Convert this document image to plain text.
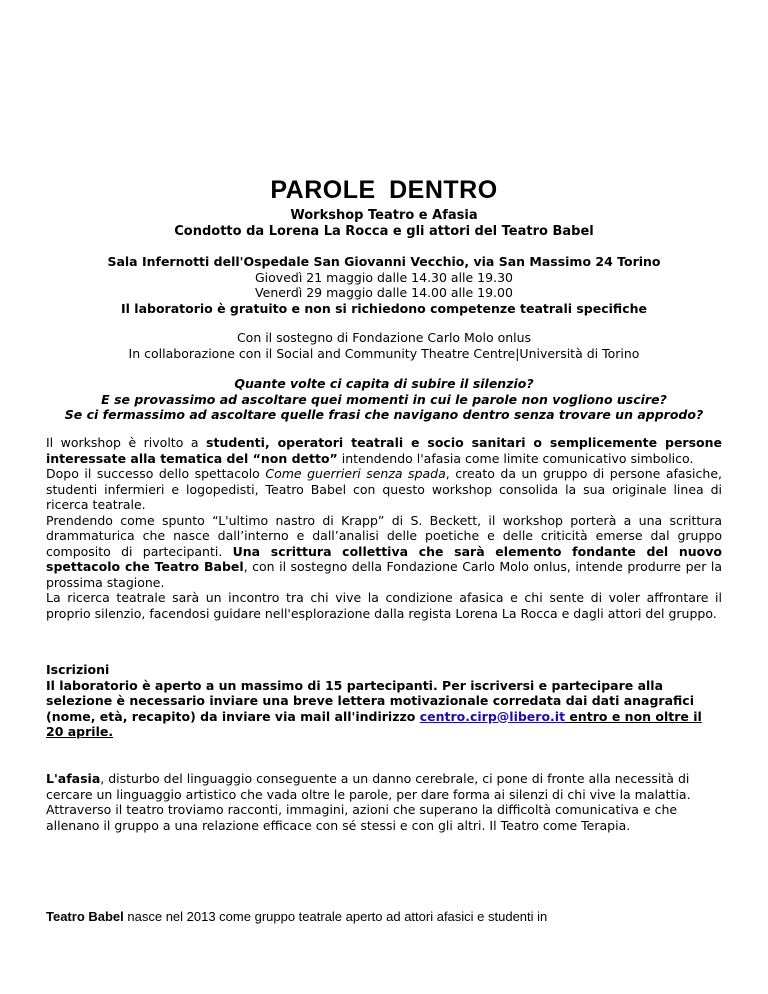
PAROLE DENTRO
Workshop Teatro e Afasia
Condotto da Lorena La Rocca e gli attori del Teatro Babel
Sala Infernotti dell'Ospedale San Giovanni Vecchio, via San Massimo 24 Torino
Giovedì 21 maggio dalle 14.30 alle 19.30
Venerdì 29 maggio dalle 14.00 alle 19.00
Il laboratorio è gratuito e non si richiedono competenze teatrali specifiche
Con il sostegno di Fondazione Carlo Molo onlus
In collaborazione con il Social and Community Theatre Centre|Università di Torino
Quante volte ci capita di subire il silenzio?
E se provassimo ad ascoltare quei momenti in cui le parole non vogliono uscire?
Se ci fermassimo ad ascoltare quelle frasi che navigano dentro senza trovare un approdo?

Il workshop è rivolto a studenti, operatori teatrali e socio sanitari o semplicemente persone interessate alla tematica del “non detto” intendendo l'afasia come limite comunicativo simbolico.

Dopo il successo dello spettacolo Come guerrieri senza spada, creato da un gruppo di persone afasiche, studenti infermieri e logopedisti, Teatro Babel con questo workshop consolida la sua originale linea di ricerca teatrale.

Prendendo come spunto “L'ultimo nastro di Krapp” di S. Beckett, il workshop porterà a una scrittura drammaturica che nasce dall’interno e dall’analisi delle poetiche e delle criticità emerse dal gruppo composito di partecipanti. Una scrittura collettiva che sarà elemento fondante del nuovo spettacolo che Teatro Babel, con il sostegno della Fondazione Carlo Molo onlus, intende produrre per la prossima stagione.

La ricerca teatrale sarà un incontro tra chi vive la condizione afasica e chi sente di voler affrontare il proprio silenzio, facendosi guidare nell'esplorazione dalla regista Lorena La Rocca e dagli attori del gruppo.

Iscrizioni

Il laboratorio è aperto a un massimo di 15 partecipanti. Per iscriversi e partecipare alla selezione è necessario inviare una breve lettera motivazionale corredata dai dati anagrafici (nome, età, recapito) da inviare via mail all'indirizzo centro.cirp@libero.it entro e non oltre il 20 aprile.

L'afasia, disturbo del linguaggio conseguente a un danno cerebrale, ci pone di fronte alla necessità di cercare un linguaggio artistico che vada oltre le parole, per dare forma ai silenzi di chi vive la malattia. Attraverso il teatro troviamo racconti, immagini, azioni che superano la difficoltà comunicativa e che allenano il gruppo a una relazione efficace con sé stessi e con gli altri. Il Teatro come Terapia.

Teatro Babel nasce nel 2013 come gruppo teatrale aperto ad attori afasici e studenti in
